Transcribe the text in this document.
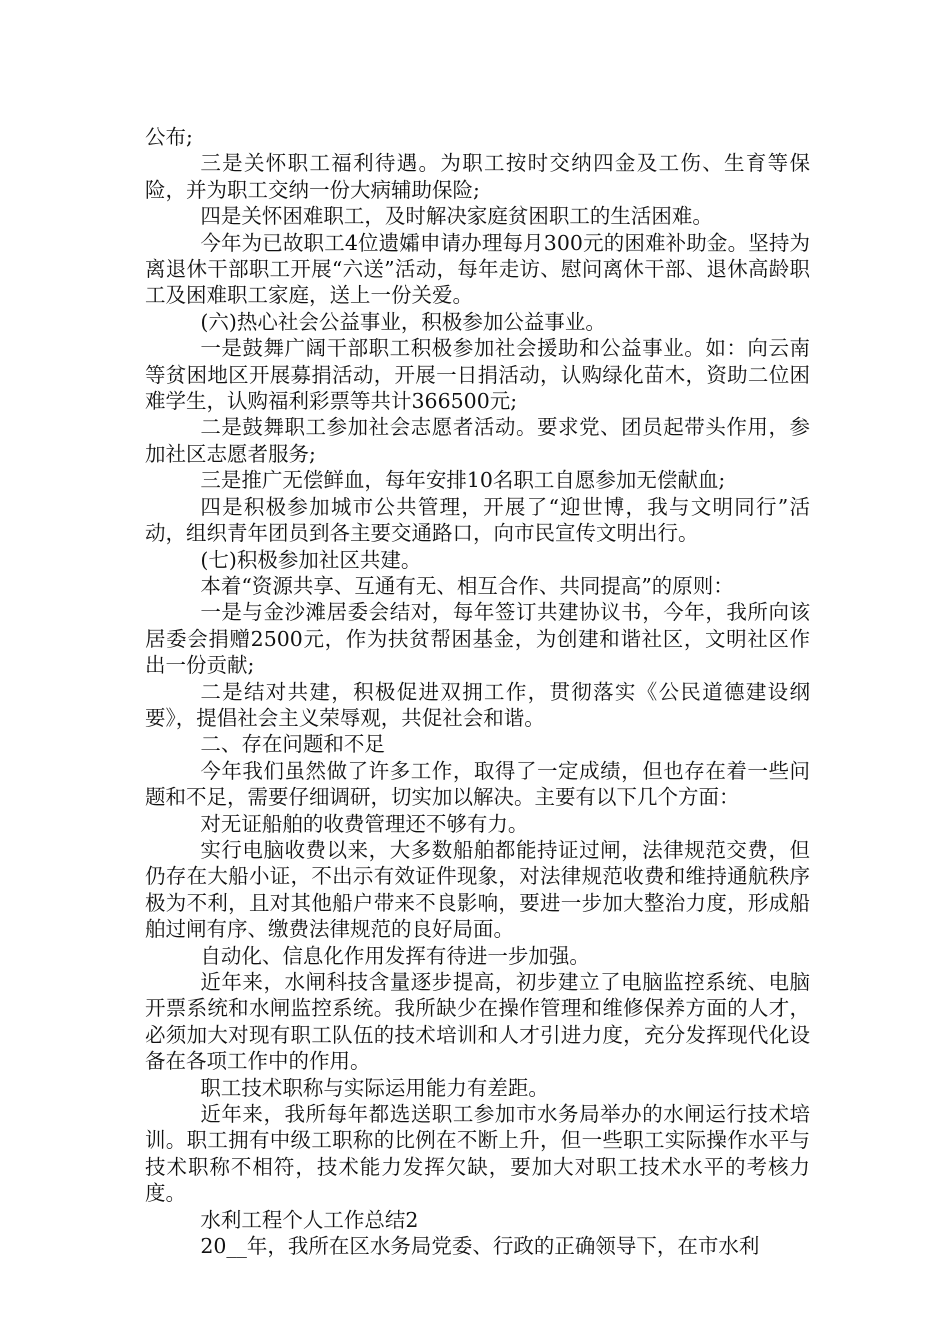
公布;

三是关怀职工福利待遇。为职工按时交纳四金及工伤、生育等保险，并为职工交纳一份大病辅助保险;

四是关怀困难职工，及时解决家庭贫困职工的生活困难。

今年为已故职工4位遗孀申请办理每月300元的困难补助金。坚持为离退休干部职工开展“六送”活动，每年走访、慰问离休干部、退休高龄职工及困难职工家庭，送上一份关爱。

(六)热心社会公益事业，积极参加公益事业。

一是鼓舞广阔干部职工积极参加社会援助和公益事业。如：向云南等贫困地区开展募捐活动，开展一日捐活动，认购绿化苗木，资助二位困难学生，认购福利彩票等共计366500元;

二是鼓舞职工参加社会志愿者活动。要求党、团员起带头作用，参加社区志愿者服务;

三是推广无偿鲜血，每年安排10名职工自愿参加无偿献血;

四是积极参加城市公共管理，开展了“迎世博，我与文明同行”活动，组织青年团员到各主要交通路口，向市民宣传文明出行。

(七)积极参加社区共建。

本着“资源共享、互通有无、相互合作、共同提高”的原则：

一是与金沙滩居委会结对，每年签订共建协议书，今年，我所向该居委会捐赠2500元，作为扶贫帮困基金，为创建和谐社区，文明社区作出一份贡献;

二是结对共建，积极促进双拥工作，贯彻落实《公民道德建设纲要》，提倡社会主义荣辱观，共促社会和谐。

二、存在问题和不足

今年我们虽然做了许多工作，取得了一定成绩，但也存在着一些问题和不足，需要仔细调研，切实加以解决。主要有以下几个方面：

对无证船舶的收费管理还不够有力。

实行电脑收费以来，大多数船舶都能持证过闸，法律规范交费，但仍存在大船小证，不出示有效证件现象，对法律规范收费和维持通航秩序极为不利，且对其他船户带来不良影响，要进一步加大整治力度，形成船舶过闸有序、缴费法律规范的良好局面。

自动化、信息化作用发挥有待进一步加强。

近年来，水闸科技含量逐步提高，初步建立了电脑监控系统、电脑开票系统和水闸监控系统。我所缺少在操作管理和维修保养方面的人才，必须加大对现有职工队伍的技术培训和人才引进力度，充分发挥现代化设备在各项工作中的作用。

职工技术职称与实际运用能力有差距。

近年来，我所每年都选送职工参加市水务局举办的水闸运行技术培训。职工拥有中级工职称的比例在不断上升，但一些职工实际操作水平与技术职称不相符，技术能力发挥欠缺，要加大对职工技术水平的考核力度。

水利工程个人工作总结2

20__年，我所在区水务局党委、行政的正确领导下，在市水利
